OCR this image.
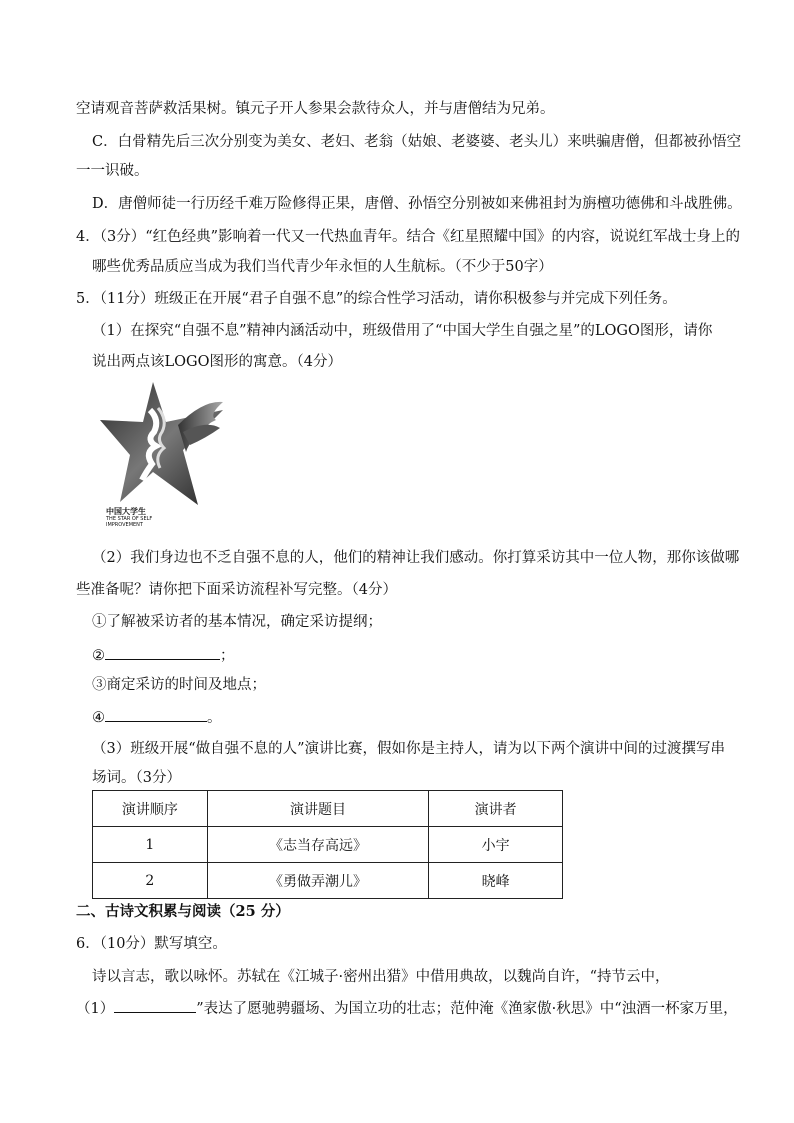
空请观音菩萨救活果树。镇元子开人参果会款待众人，并与唐僧结为兄弟。
C．白骨精先后三次分别变为美女、老妇、老翁（姑娘、老婆婆、老头儿）来哄骗唐僧，但都被孙悟空
一一识破。
D．唐僧师徒一行历经千难万险修得正果，唐僧、孙悟空分别被如来佛祖封为旃檀功德佛和斗战胜佛。
4．（3分）“红色经典”影响着一代又一代热血青年。结合《红星照耀中国》的内容，说说红军战士身上的
哪些优秀品质应当成为我们当代青少年永恒的人生航标。（不少于50字）
5．（11分）班级正在开展“君子自强不息”的综合性学习活动，请你积极参与并完成下列任务。
（1）在探究“自强不息”精神内涵活动中，班级借用了“中国大学生自强之星”的LOGO图形，请你
说出两点该LOGO图形的寓意。（4分）
中国大学生
THE STAR OF SELF
IMPROVEMENT
（2）我们身边也不乏自强不息的人，他们的精神让我们感动。你打算采访其中一位人物，那你该做哪
些准备呢？请你把下面采访流程补写完整。（4分）
①了解被采访者的基本情况，确定采访提纲；
②	；
③商定采访的时间及地点；
④	。
（3）班级开展“做自强不息的人”演讲比赛，假如你是主持人，请为以下两个演讲中间的过渡撰写串
场词。（3分）
演讲顺序	演讲题目	演讲者
1	《志当存高远》	小宇
2	《勇做弄潮儿》	晓峰
二、古诗文积累与阅读（25 分）
6．（10分）默写填空。
诗以言志，歌以咏怀。苏轼在《江城子·密州出猎》中借用典故，以魏尚自许，“持节云中，
（1）	”表达了愿驰骋疆场、为国立功的壮志；范仲淹《渔家傲·秋思》中“浊酒一杯家万里，
